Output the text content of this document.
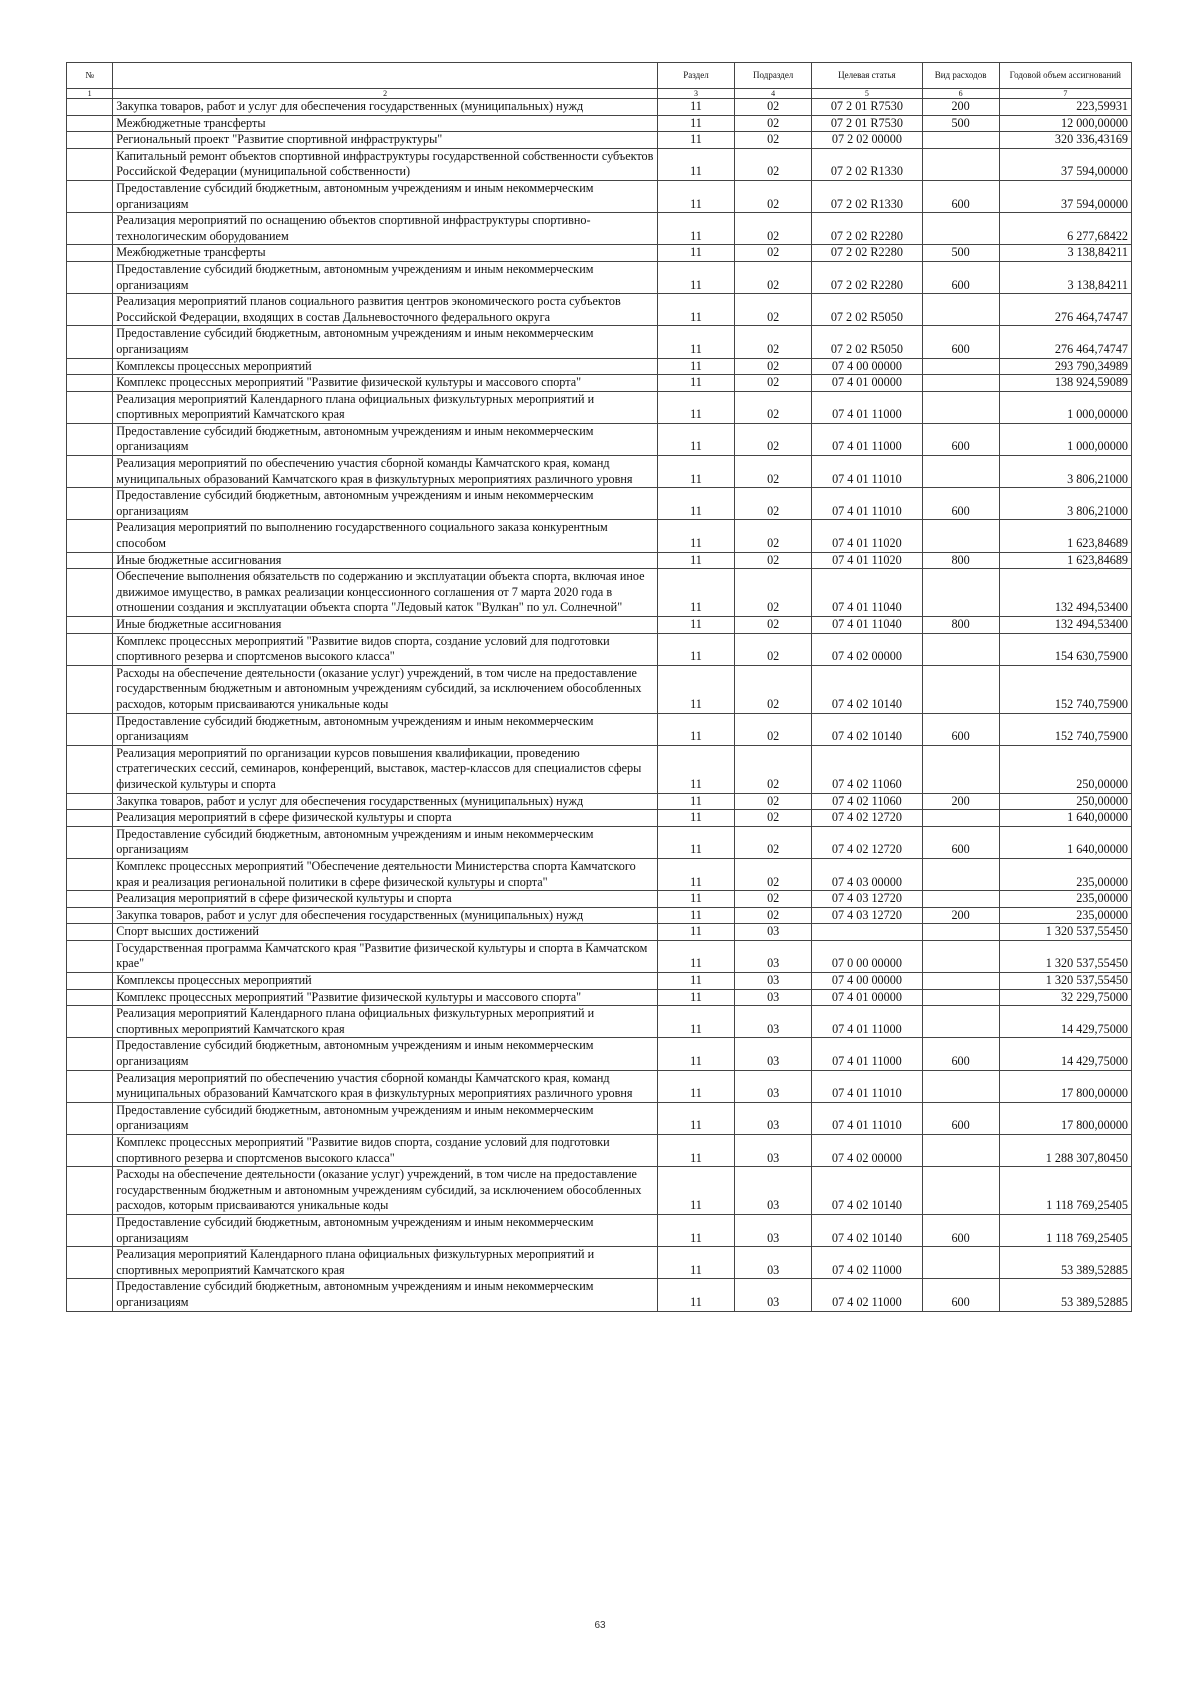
№		Раздел	Подраздел	Целевая статья	Вид расходов	Годовой объем ассигнований
1	2	3	4	5	6	7
	Закупка товаров, работ и услуг для обеспечения государственных (муниципальных) нужд	11	02	07 2 01 R7530	200	223,59931
	Межбюджетные трансферты	11	02	07 2 01 R7530	500	12 000,00000
	Региональный проект "Развитие спортивной инфраструктуры"	11	02	07 2 02 00000		320 336,43169
	Капитальный ремонт объектов спортивной инфраструктуры государственной собственности субъектов Российской Федерации (муниципальной собственности)	11	02	07 2 02 R1330		37 594,00000
	Предоставление субсидий бюджетным, автономным учреждениям и иным некоммерческим организациям	11	02	07 2 02 R1330	600	37 594,00000
	Реализация мероприятий по оснащению объектов спортивной инфраструктуры спортивно-технологическим оборудованием	11	02	07 2 02 R2280		6 277,68422
	Межбюджетные трансферты	11	02	07 2 02 R2280	500	3 138,84211
	Предоставление субсидий бюджетным, автономным учреждениям и иным некоммерческим организациям	11	02	07 2 02 R2280	600	3 138,84211
	Реализация мероприятий планов социального развития центров экономического роста субъектов Российской Федерации, входящих в состав Дальневосточного федерального округа	11	02	07 2 02 R5050		276 464,74747
	Предоставление субсидий бюджетным, автономным учреждениям и иным некоммерческим организациям	11	02	07 2 02 R5050	600	276 464,74747
	Комплексы процессных мероприятий	11	02	07 4 00 00000		293 790,34989
	Комплекс процессных мероприятий "Развитие физической культуры и массового спорта"	11	02	07 4 01 00000		138 924,59089
	Реализация мероприятий Календарного плана официальных физкультурных мероприятий и спортивных мероприятий Камчатского края	11	02	07 4 01 11000		1 000,00000
	Предоставление субсидий бюджетным, автономным учреждениям и иным некоммерческим организациям	11	02	07 4 01 11000	600	1 000,00000
	Реализация мероприятий по обеспечению участия сборной команды Камчатского края, команд муниципальных образований Камчатского края в физкультурных мероприятиях различного уровня	11	02	07 4 01 11010		3 806,21000
	Предоставление субсидий бюджетным, автономным учреждениям и иным некоммерческим организациям	11	02	07 4 01 11010	600	3 806,21000
	Реализация мероприятий по выполнению государственного социального заказа конкурентным способом	11	02	07 4 01 11020		1 623,84689
	Иные бюджетные ассигнования	11	02	07 4 01 11020	800	1 623,84689
	Обеспечение выполнения обязательств по содержанию и эксплуатации объекта спорта, включая иное движимое имущество, в рамках реализации концессионного соглашения от 7 марта 2020 года в отношении создания и эксплуатации объекта спорта "Ледовый каток "Вулкан" по ул. Солнечной"	11	02	07 4 01 11040		132 494,53400
	Иные бюджетные ассигнования	11	02	07 4 01 11040	800	132 494,53400
	Комплекс процессных мероприятий "Развитие видов спорта, создание условий для подготовки спортивного резерва и спортсменов высокого класса"	11	02	07 4 02 00000		154 630,75900
	Расходы на обеспечение деятельности (оказание услуг) учреждений, в том числе на предоставление государственным бюджетным и автономным учреждениям субсидий, за исключением обособленных расходов, которым присваиваются уникальные коды	11	02	07 4 02 10140		152 740,75900
	Предоставление субсидий бюджетным, автономным учреждениям и иным некоммерческим организациям	11	02	07 4 02 10140	600	152 740,75900
	Реализация мероприятий по организации курсов повышения квалификации, проведению стратегических сессий, семинаров, конференций, выставок, мастер-классов для специалистов сферы физической культуры и спорта	11	02	07 4 02 11060		250,00000
	Закупка товаров, работ и услуг для обеспечения государственных (муниципальных) нужд	11	02	07 4 02 11060	200	250,00000
	Реализация мероприятий в сфере физической культуры и спорта	11	02	07 4 02 12720		1 640,00000
	Предоставление субсидий бюджетным, автономным учреждениям и иным некоммерческим организациям	11	02	07 4 02 12720	600	1 640,00000
	Комплекс процессных мероприятий "Обеспечение деятельности Министерства спорта Камчатского края и реализация региональной политики в сфере физической культуры и спорта"	11	02	07 4 03 00000		235,00000
	Реализация мероприятий в сфере физической культуры и спорта	11	02	07 4 03 12720		235,00000
	Закупка товаров, работ и услуг для обеспечения государственных (муниципальных) нужд	11	02	07 4 03 12720	200	235,00000
	Спорт высших достижений	11	03			1 320 537,55450
	Государственная программа Камчатского края "Развитие физической культуры и спорта в Камчатском крае"	11	03	07 0 00 00000		1 320 537,55450
	Комплексы процессных мероприятий	11	03	07 4 00 00000		1 320 537,55450
	Комплекс процессных мероприятий "Развитие физической культуры и массового спорта"	11	03	07 4 01 00000		32 229,75000
	Реализация мероприятий Календарного плана официальных физкультурных мероприятий и спортивных мероприятий Камчатского края	11	03	07 4 01 11000		14 429,75000
	Предоставление субсидий бюджетным, автономным учреждениям и иным некоммерческим организациям	11	03	07 4 01 11000	600	14 429,75000
	Реализация мероприятий по обеспечению участия сборной команды Камчатского края, команд муниципальных образований Камчатского края в физкультурных мероприятиях различного уровня	11	03	07 4 01 11010		17 800,00000
	Предоставление субсидий бюджетным, автономным учреждениям и иным некоммерческим организациям	11	03	07 4 01 11010	600	17 800,00000
	Комплекс процессных мероприятий "Развитие видов спорта, создание условий для подготовки спортивного резерва и спортсменов высокого класса"	11	03	07 4 02 00000		1 288 307,80450
	Расходы на обеспечение деятельности (оказание услуг) учреждений, в том числе на предоставление государственным бюджетным и автономным учреждениям субсидий, за исключением обособленных расходов, которым присваиваются уникальные коды	11	03	07 4 02 10140		1 118 769,25405
	Предоставление субсидий бюджетным, автономным учреждениям и иным некоммерческим организациям	11	03	07 4 02 10140	600	1 118 769,25405
	Реализация мероприятий Календарного плана официальных физкультурных мероприятий и спортивных мероприятий Камчатского края	11	03	07 4 02 11000		53 389,52885
	Предоставление субсидий бюджетным, автономным учреждениям и иным некоммерческим организациям	11	03	07 4 02 11000	600	53 389,52885
63
